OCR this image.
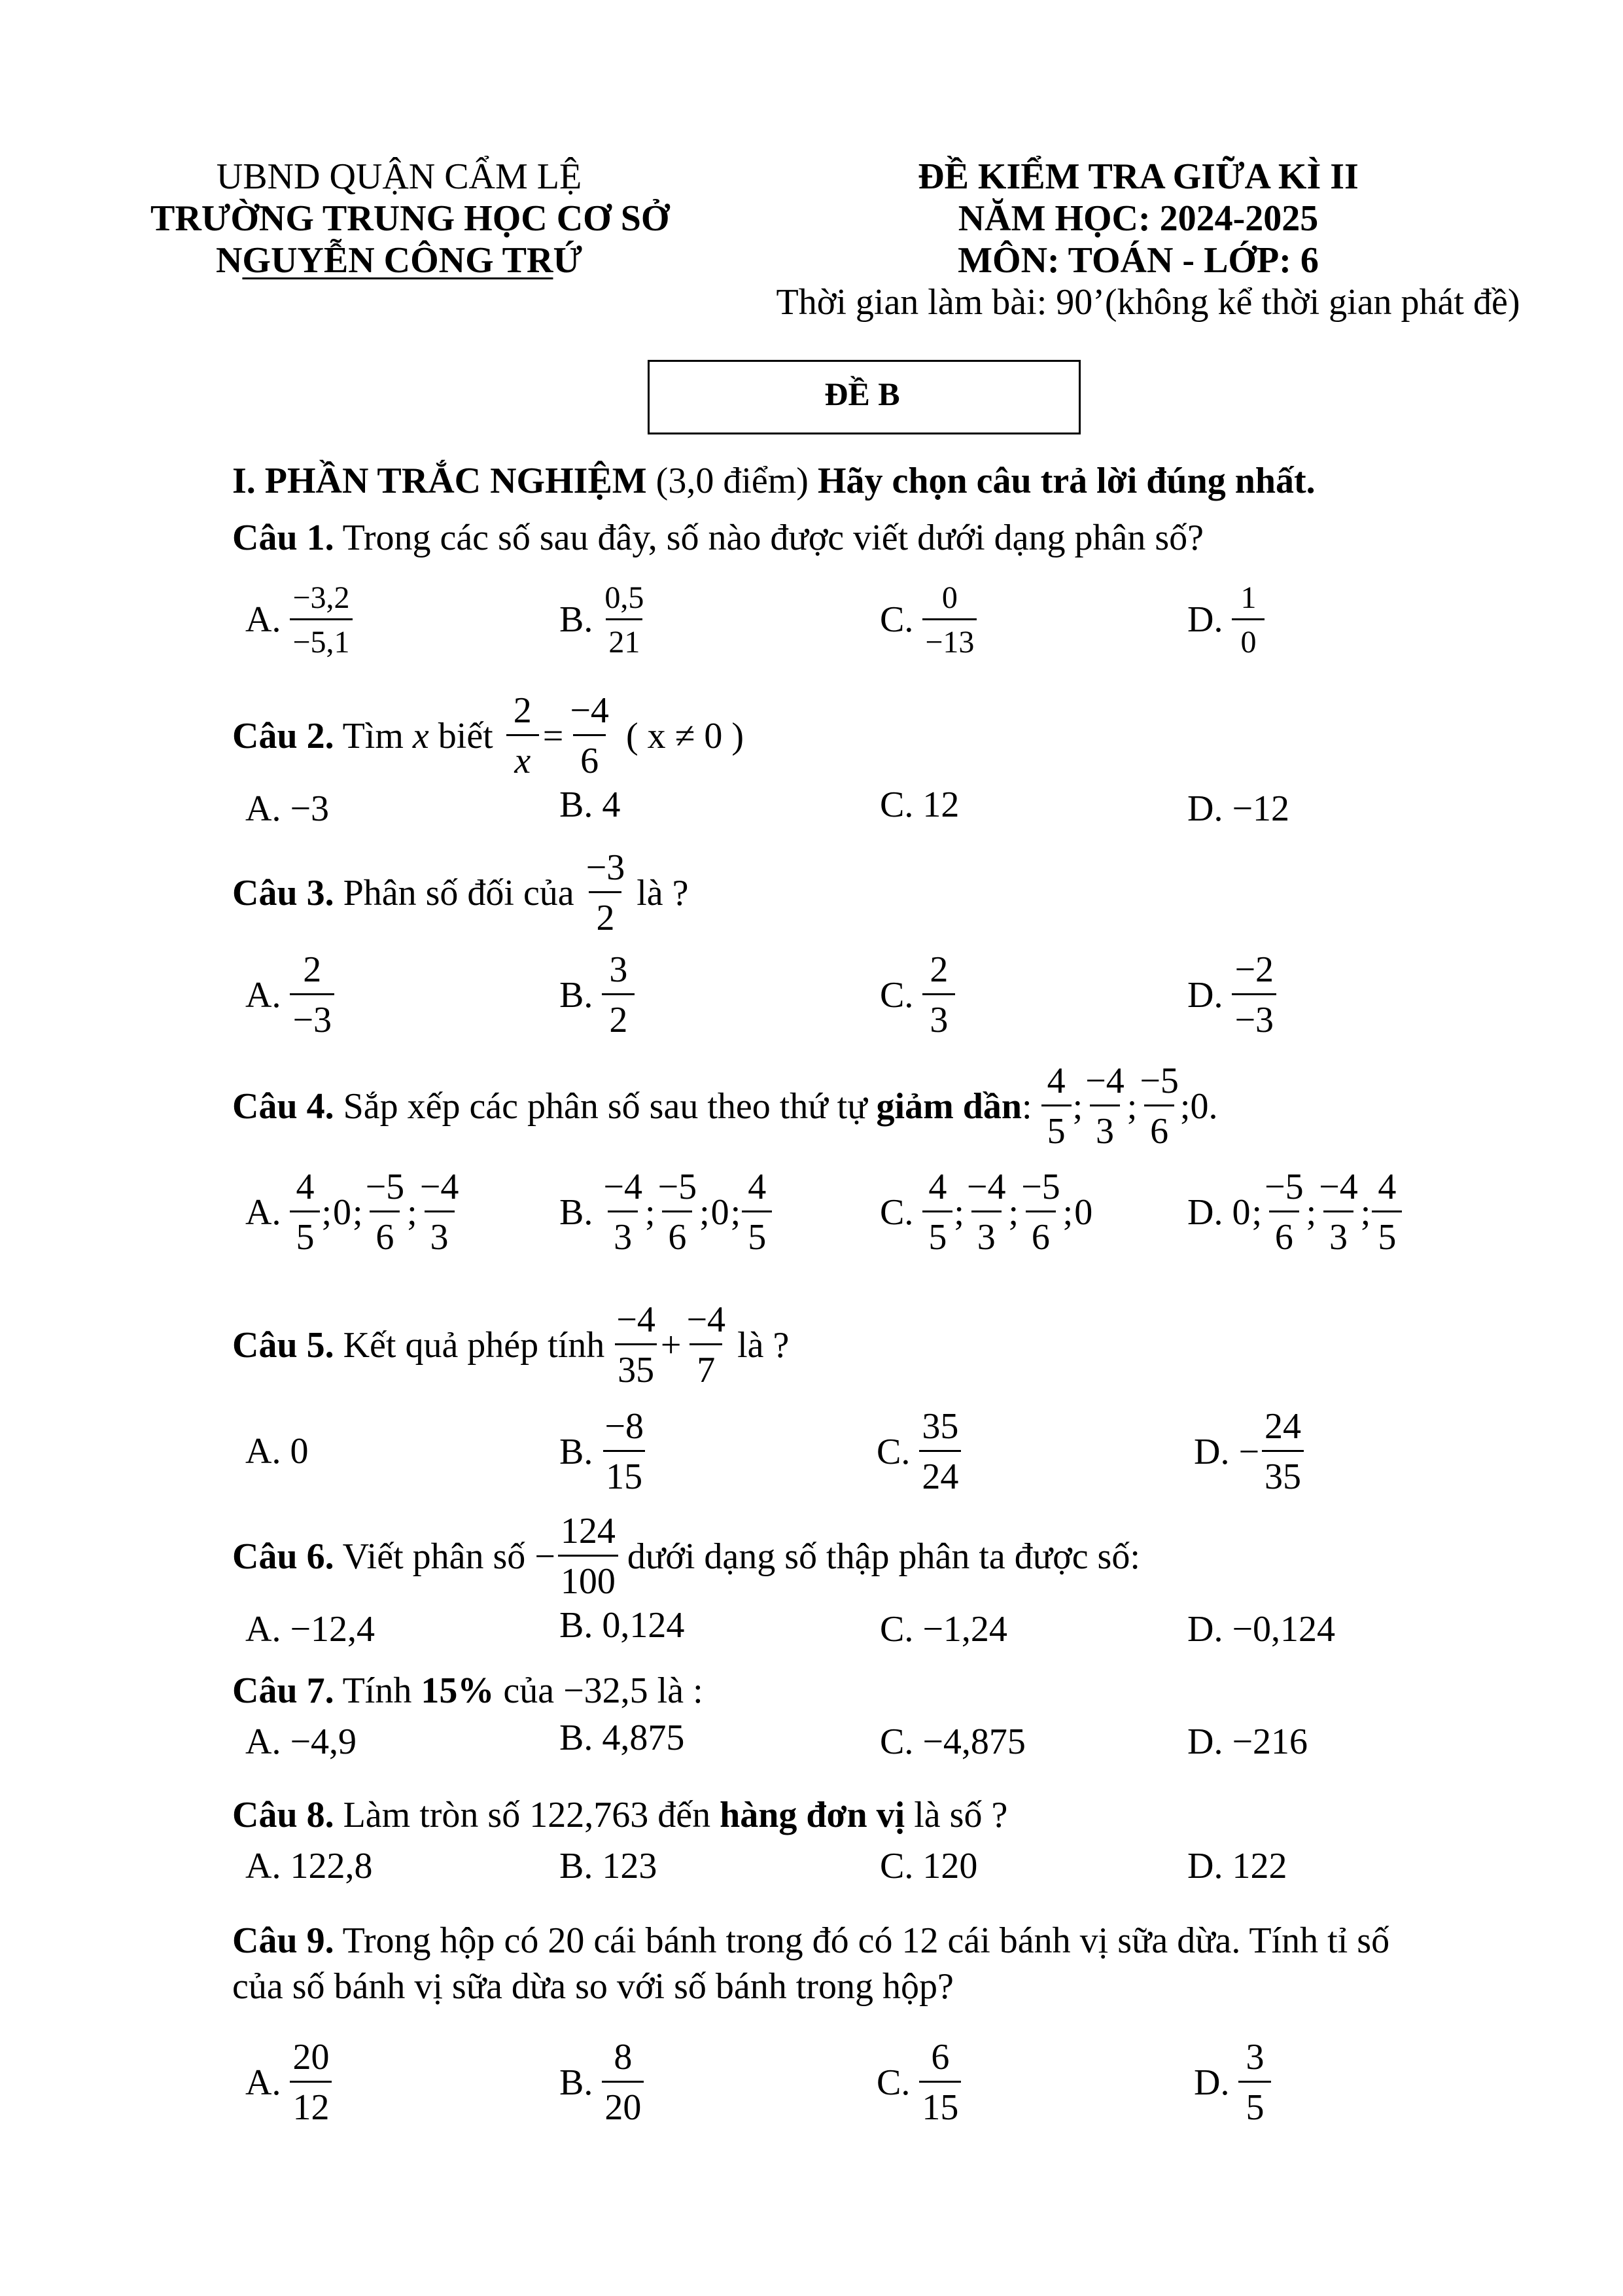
UBND QUẬN CẨM LỆ
TRƯỜNG TRUNG HỌC CƠ SỞ
NGUYỄN CÔNG TRỨ
ĐỀ KIỂM TRA GIỮA KÌ II
NĂM HỌC: 2024-2025
MÔN: TOÁN - LỚP: 6
Thời gian làm bài: 90’(không kể thời gian phát đề)
ĐỀ B
I. PHẦN TRẮC NGHIỆM (3,0 điểm) Hãy chọn câu trả lời đúng nhất.
Câu 1. Trong các số sau đây, số nào được viết dưới dạng phân số?
A. $\frac{-3,2}{-5,1}$	B. $\frac{0,5}{21}$	C. $\frac{0}{-13}$	D. $\frac{1}{0}$
Câu 2. Tìm x biết $\frac{2}{x} = \frac{-4}{6}$ ( x ≠ 0 )
A. −3	B. 4	C. 12	D. −12
Câu 3. Phân số đối của $\frac{-3}{2}$ là ?
A. $\frac{2}{-3}$	B. $\frac{3}{2}$	C. $\frac{2}{3}$	D. $\frac{-2}{-3}$
Câu 4. Sắp xếp các phân số sau theo thứ tự giảm dần : $\frac{4}{5}$ ; $\frac{-4}{3}$ ; $\frac{-5}{6}$ ;0.
A. $\frac{4}{5}$ ; 0 ; $\frac{-5}{6}$ ; $\frac{-4}{3}$	B. $\frac{-4}{3}$ ; $\frac{-5}{6}$ ; 0 ; $\frac{4}{5}$	C. $\frac{4}{5}$ ; $\frac{-4}{3}$ ; $\frac{-5}{6}$ ; 0	D. 0 ; $\frac{-5}{6}$ ; $\frac{-4}{3}$ ; $\frac{4}{5}$
Câu 5. Kết quả phép tính $\frac{-4}{35} + \frac{-4}{7}$ là ?
A. 0	B. $\frac{-8}{15}$	C. $\frac{35}{24}$	D. − $\frac{24}{35}$
Câu 6. Viết phân số − $\frac{124}{100}$ dưới dạng số thập phân ta được số:
A. −12,4	B. 0,124	C. −1,24	D. −0,124
Câu 7. Tính 15% của −32,5 là :
A. −4,9	B. 4,875	C. −4,875	D. −216
Câu 8. Làm tròn số 122,763 đến hàng đơn vị là số ?
A. 122,8	B. 123	C. 120	D. 122
Câu 9. Trong hộp có 20 cái bánh trong đó có 12 cái bánh vị sữa dừa. Tính tỉ số
của số bánh vị sữa dừa so với số bánh trong hộp?
A. $\frac{20}{12}$	B. $\frac{8}{20}$	C. $\frac{6}{15}$	D. $\frac{3}{5}$
